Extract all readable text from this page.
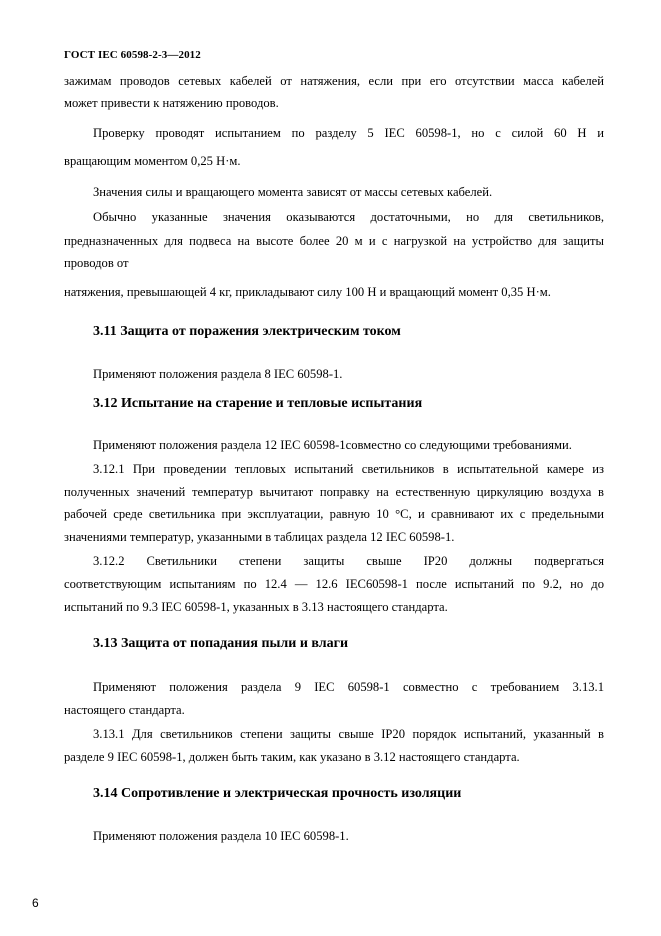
ГОСТ IEC 60598-2-3—2012

зажимам проводов сетевых кабелей от натяжения, если при его отсутствии масса кабелей

может привести к натяжению проводов.

Проверку проводят испытанием по разделу 5 IEC 60598-1, но с силой 60 Н и

вращающим моментом 0,25 Н·м.

Значения силы и вращающего момента зависят от массы сетевых кабелей.

Обычно указанные значения оказываются достаточными, но для светильников,

предназначенных для подвеса на высоте более 20 м и с нагрузкой на устройство для защиты

проводов от

натяжения, превышающей 4 кг, прикладывают силу 100 Н и вращающий момент 0,35 Н·м.

3.11 Защита от поражения электрическим током

Применяют положения раздела 8 IEC 60598-1.

3.12 Испытание на старение и тепловые испытания

Применяют положения раздела 12 IEC 60598-1совместно со следующими требованиями.

3.12.1 При проведении тепловых испытаний светильников в испытательной камере из

полученных значений температур вычитают поправку на естественную циркуляцию воздуха в

рабочей среде светильника при эксплуатации, равную 10 °С, и сравнивают их с предельными

значениями температур, указанными в таблицах раздела 12 IEC 60598-1.

3.12.2 Светильники степени защиты свыше IP20 должны подвергаться

соответствующим испытаниям по 12.4 — 12.6 IEC60598-1 после испытаний по 9.2, но до

испытаний по 9.3 IEC 60598-1, указанных в 3.13 настоящего стандарта.

3.13 Защита от попадания пыли и влаги

Применяют положения раздела 9 IEC 60598-1 совместно с требованием 3.13.1

настоящего стандарта.

3.13.1 Для светильников степени защиты свыше IP20 порядок испытаний, указанный в

разделе 9 IEC 60598-1, должен быть таким, как указано в 3.12 настоящего стандарта.

3.14 Сопротивление и электрическая прочность изоляции

Применяют положения раздела 10 IEC 60598-1.

6
